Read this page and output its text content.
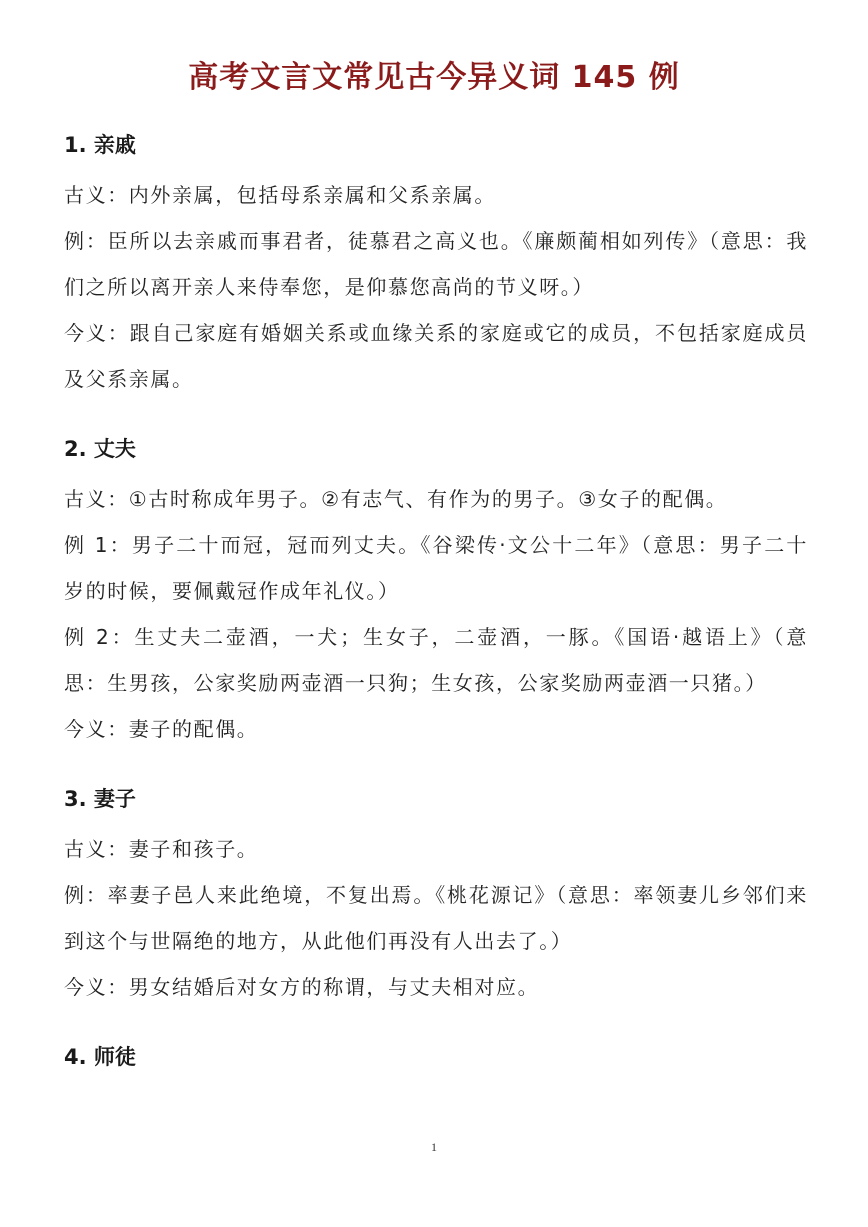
高考文言文常见古今异义词 145 例
1. 亲戚

古义：内外亲属，包括母系亲属和父系亲属。

例：臣所以去亲戚而事君者，徒慕君之高义也。《廉颇蔺相如列传》（意思：我们之所以离开亲人来侍奉您，是仰慕您高尚的节义呀。）

今义：跟自己家庭有婚姻关系或血缘关系的家庭或它的成员，不包括家庭成员及父系亲属。

2. 丈夫

古义：①古时称成年男子。②有志气、有作为的男子。③女子的配偶。

例 1：男子二十而冠，冠而列丈夫。《谷梁传·文公十二年》（意思：男子二十岁的时候，要佩戴冠作成年礼仪。）

例 2：生丈夫二壶酒，一犬；生女子，二壶酒，一豚。《国语·越语上》（意思：生男孩，公家奖励两壶酒一只狗；生女孩，公家奖励两壶酒一只猪。）

今义：妻子的配偶。

3. 妻子

古义：妻子和孩子。

例：率妻子邑人来此绝境，不复出焉。《桃花源记》（意思：率领妻儿乡邻们来到这个与世隔绝的地方，从此他们再没有人出去了。）

今义：男女结婚后对女方的称谓，与丈夫相对应。

4. 师徒
1
